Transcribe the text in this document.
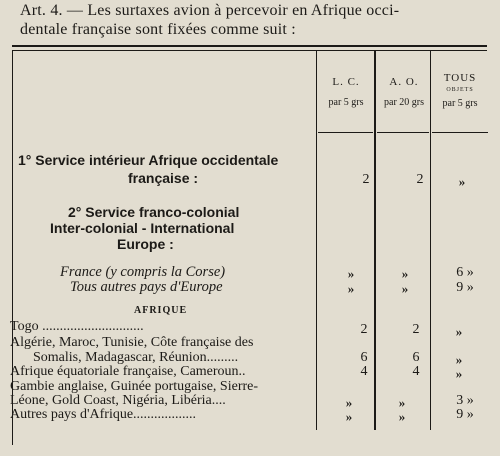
Art. 4. — Les surtaxes avion à percevoir en Afrique occi-
dentale française sont fixées comme suit :
L. C.
par 5 grs
A. O.
par 20 grs
TOUS
OBJETS
par 5 grs
1° Service intérieur Afrique occidentale
française :	2	2	»
2° Service franco-colonial
Inter-colonial - International
Europe :
France (y compris la Corse)	»	»	6 »
Tous autres pays d'Europe	»	»	9 »
AFRIQUE
Togo .............................	2	2	»
Algérie, Maroc, Tunisie, Côte française des
Somalis, Madagascar, Réunion.........	6	6	»
Afrique équatoriale française, Cameroun..	4	4	»
Gambie anglaise, Guinée portugaise, Sierre-
Léone, Gold Coast, Nigéria, Libéria....	»	»	3 »
Autres pays d'Afrique..................	»	»	9 »
